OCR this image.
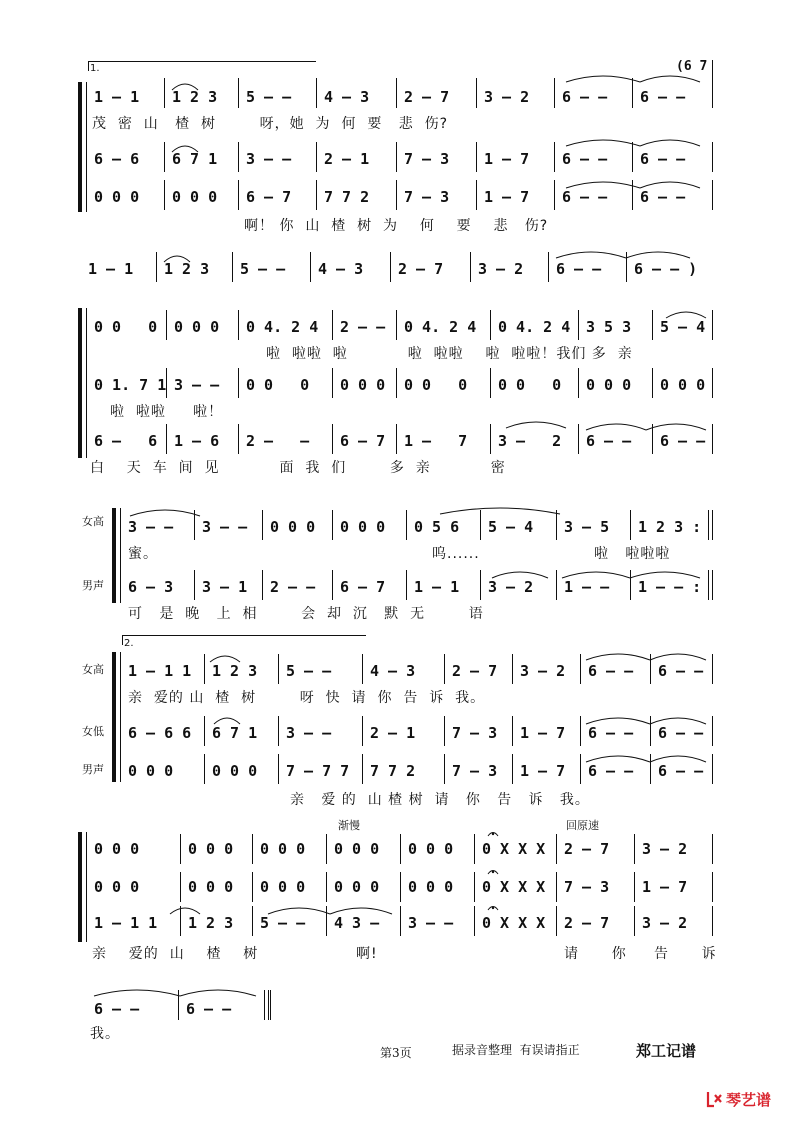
1.	(6 7
女高
男声
2.
女高
女低
男声
渐慢	回原速
第3页	据录音整理  有误请指正	郑工记谱
琴艺谱
1 – 1 1 2 3 5 – – 4 – 3 2 – 7 3 – 2 6 – – 6 – –
6 – 6 6 7 1 3 – – 2 – 1 7 – 3 1 – 7 6 – – 6 – –
0 0 0 0 0 0 6 – 7 7 7 2 7 – 3 1 – 7 6 – – 6 – –
茂  密  山   楂  树        呀，她  为  何  要   悲  伤?
啊！ 你  山  楂  树  为    何    要    悲   伤?
1 – 1 1 2 3 5 – – 4 – 3 2 – 7 3 – 2 6 – – 6 – – )
0 0   0 0 0 0 0 4. 2 4 2 – – 0 4. 2 4 0 4. 2 4 3 5 3 5 – 4
0 1. 7 1 3 – – 0 0   0 0 0 0 0 0   0 0 0   0 0 0 0 0 0 0
6 –   6 1 – 6 2 –   – 6 – 7 1 –   7 3 –   2 6 – – 6 – –
啦  啦啦  啦           啦  啦啦    啦  啦啦！我们 多  亲
啦  啦啦     啦！
白    天  车  间  见           面  我  们        多  亲           密
3 – – 3 – – 0 0 0 0 0 0 0 5 6 5 – 4 3 – 5 1 2 3 :
6 – 3 3 – 1 2 – – 6 – 7 1 – 1 3 – 2 1 – – 1 – – :
蜜。	呜......	啦   啦啦啦
可   是  晚   上  相        会  却  沉   默  无        语
1 – 1 1 1 2 3 5 – –	4 – 3 2 – 7 3 – 2 6 – – 6 – –
6 – 6 6 6 7 1 3 – –	2 – 1 7 – 3 1 – 7 6 – – 6 – –
0 0 0	0 0 0 7 – 7 7 7 7 2 7 – 3 1 – 7 6 – – 6 – –
亲  爱的 山  楂  树        呀  快  请  你  告  诉  我。
亲   爱 的  山 楂 树  请   你   告   诉   我。
0 0 0	0 0 0 0 0 0 0 0 0 0 0 0 0 X X X 2 – 7 3 – 2
0 0 0	0 0 0 0 0 0 0 0 0 0 0 0 0 X X X 7 – 3 1 – 7
1 – 1 1 1 2 3 5 – – 4 3 – 3 – – 0 X X X 2 – 7 3 – 2
亲    爱的  山    楂    树	啊!	请      你     告      诉
6 – –	6 – –
我。
